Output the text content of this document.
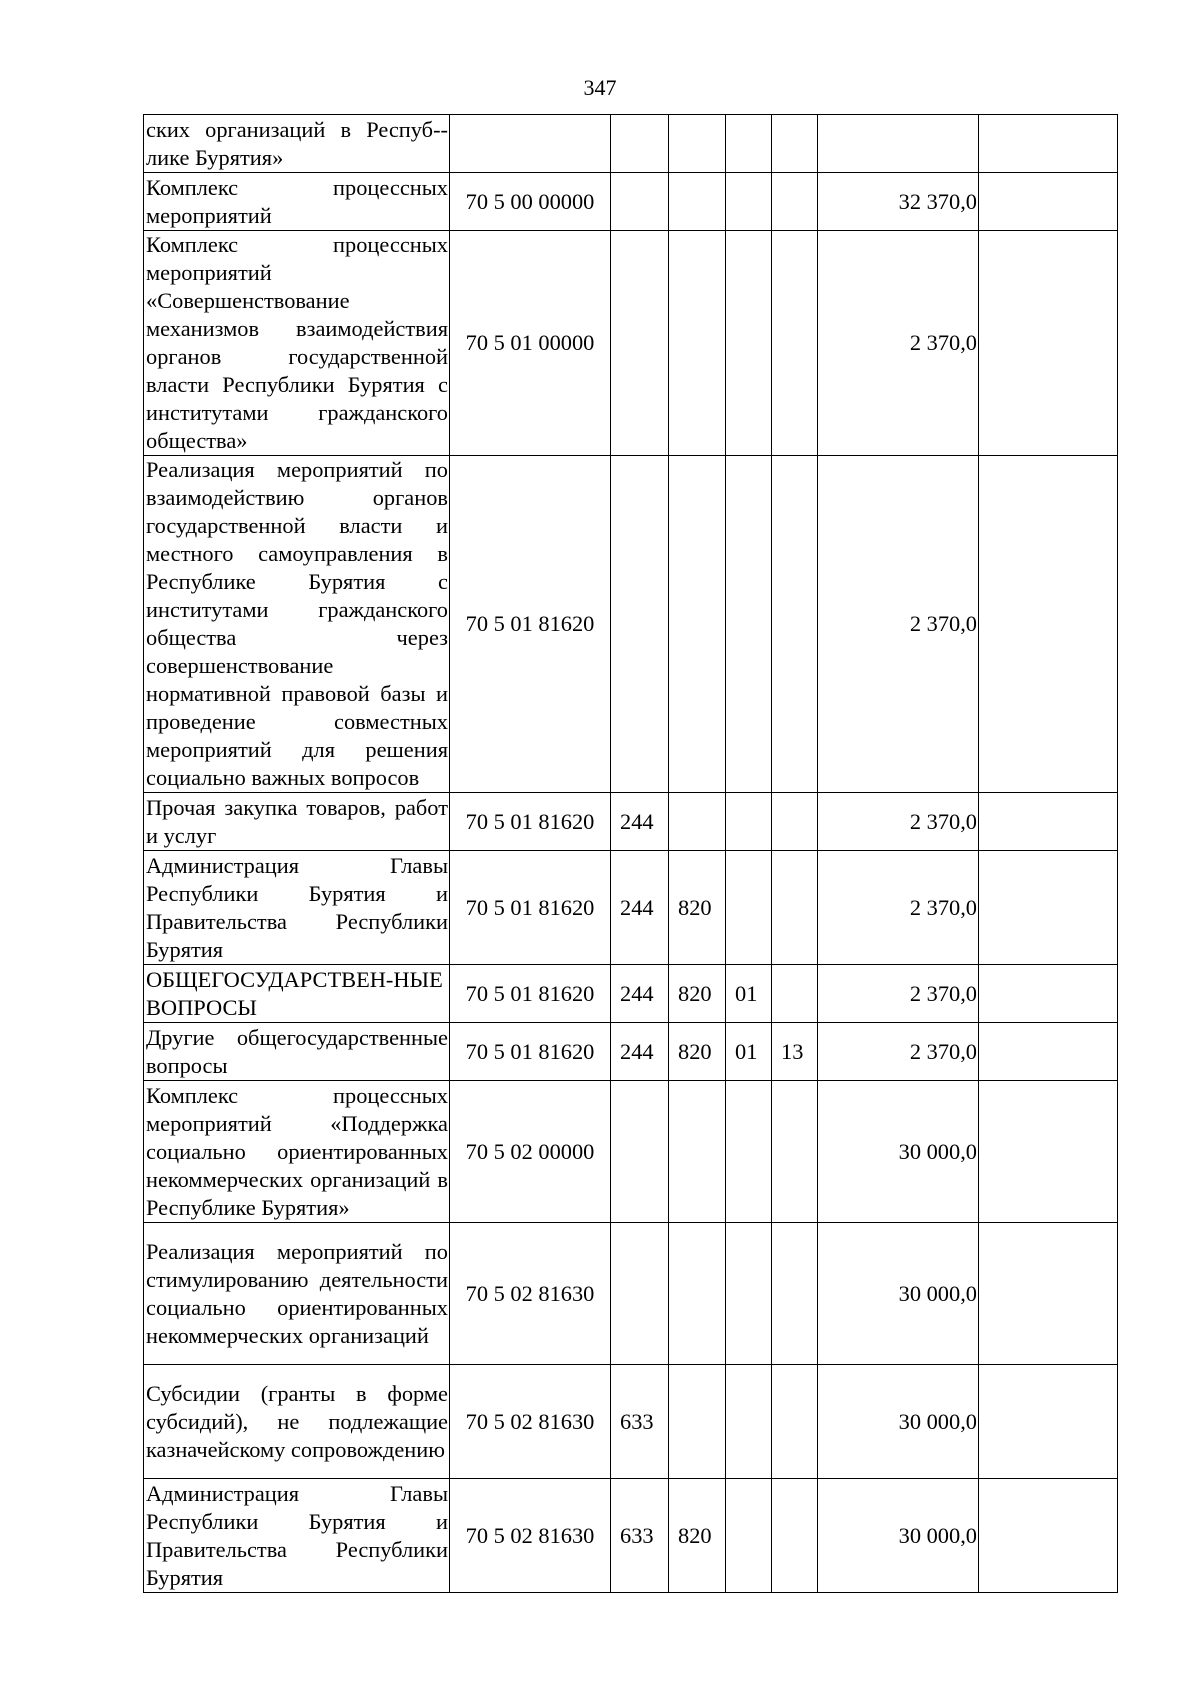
347
ских организаций в Респуб-лике Бурятия»							

Комплекс процессных мероприятий	70 5 00 00000					32 370,0	

Комплекс процессных мероприятий «Совершенствование механизмов взаимодействия органов государственной власти Республики Бурятия с институтами гражданского общества»	70 5 01 00000					2 370,0	

Реализация мероприятий по взаимодействию органов государственной власти и местного самоуправления в Республике Бурятия с институтами гражданского общества через совершенствование нормативной правовой базы и проведение совместных мероприятий для решения социально важных вопросов	70 5 01 81620					2 370,0	

Прочая закупка товаров, работ и услуг	70 5 01 81620	244				2 370,0	

Администрация Главы Республики Бурятия и Правительства Республики Бурятия	70 5 01 81620	244	820			2 370,0	

ОБЩЕГОСУДАРСТВЕН-НЫЕ ВОПРОСЫ	70 5 01 81620	244	820	01		2 370,0	

Другие общегосударственные вопросы	70 5 01 81620	244	820	01	13	2 370,0	

Комплекс процессных мероприятий «Поддержка социально ориентированных некоммерческих организаций в Республике Бурятия»	70 5 02 00000					30 000,0	

Реализация мероприятий по стимулированию деятельности социально ориентированных некоммерческих организаций	70 5 02 81630					30 000,0	

Субсидии (гранты в форме субсидий), не подлежащие казначейскому сопровождению	70 5 02 81630	633				30 000,0	

Администрация Главы Республики Бурятия и Правительства Республики Бурятия	70 5 02 81630	633	820			30 000,0	
